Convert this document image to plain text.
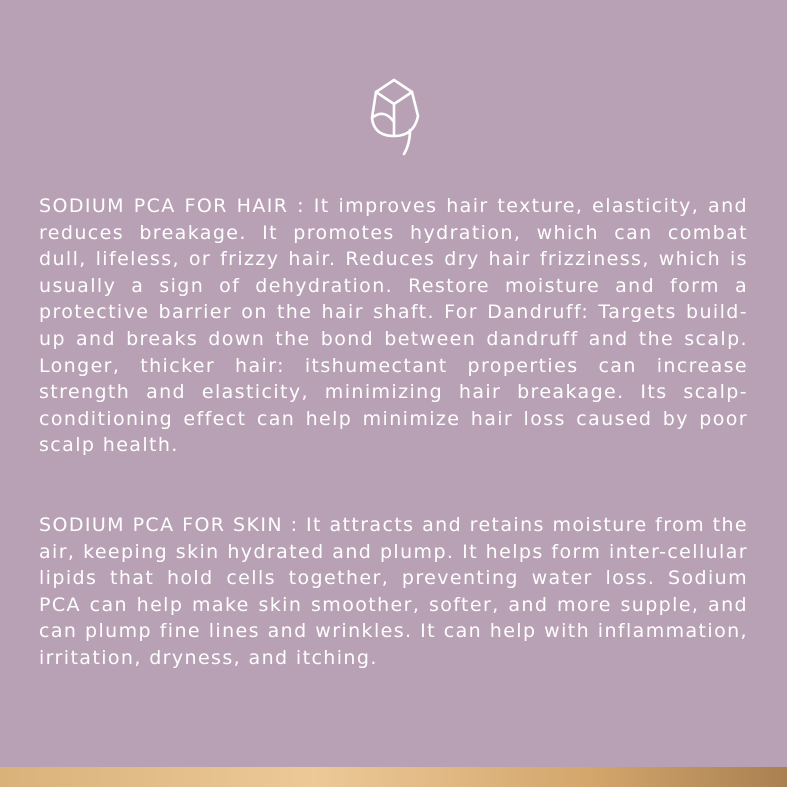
SODIUM PCA FOR HAIR : It improves hair texture, elasticity, and reduces breakage. It promotes hydration, which can combat dull, lifeless, or frizzy hair. Reduces dry hair frizziness, which is usually a sign of dehydration. Restore moisture and form a protective barrier on the hair shaft. For Dandruff: Targets build-up and breaks down the bond between dandruff and the scalp. Longer, thicker hair: itshumectant properties can increase strength and elasticity, minimizing hair breakage. Its scalp-conditioning effect can help minimize hair loss caused by poor scalp health.

SODIUM PCA FOR SKIN : It attracts and retains moisture from the air, keeping skin hydrated and plump. It helps form inter-cellular lipids that hold cells together, preventing water loss. Sodium PCA can help make skin smoother, softer, and more supple, and can plump fine lines and wrinkles. It can help with inflammation, irritation, dryness, and itching.
